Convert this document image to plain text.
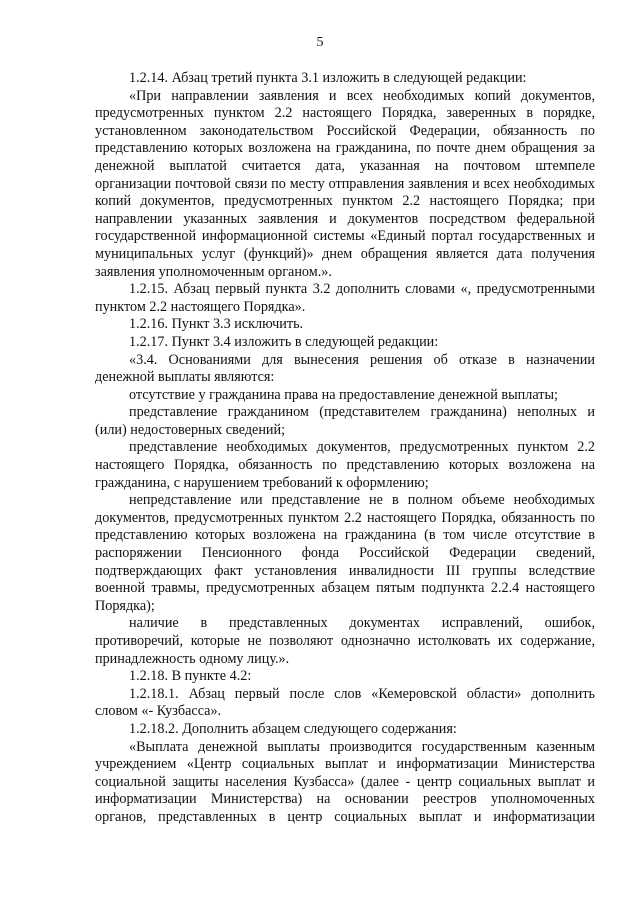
5

1.2.14. Абзац третий пункта 3.1 изложить в следующей редакции:

«При направлении заявления и всех необходимых копий документов, предусмотренных пунктом 2.2 настоящего Порядка, заверенных в порядке, установленном законодательством Российской Федерации, обязанность по представлению которых возложена на гражданина, по почте днем обращения за денежной выплатой считается дата, указанная на почтовом штемпеле организации почтовой связи по месту отправления заявления и всех необходимых копий документов, предусмотренных пунктом 2.2 настоящего Порядка; при направлении указанных заявления и документов посредством федеральной государственной информационной системы «Единый портал государственных и муниципальных услуг (функций)» днем обращения является дата получения заявления уполномоченным органом.».

1.2.15. Абзац первый пункта 3.2 дополнить словами «, предусмотренными пунктом 2.2 настоящего Порядка».

1.2.16. Пункт 3.3 исключить.

1.2.17. Пункт 3.4 изложить в следующей редакции:

«3.4. Основаниями для вынесения решения об отказе в назначении денежной выплаты являются:

отсутствие у гражданина права на предоставление денежной выплаты;

представление гражданином (представителем гражданина) неполных и (или) недостоверных сведений;

представление необходимых документов, предусмотренных пунктом 2.2 настоящего Порядка, обязанность по представлению которых возложена на гражданина, с нарушением требований к оформлению;

непредставление или представление не в полном объеме необходимых документов, предусмотренных пунктом 2.2 настоящего Порядка, обязанность по представлению которых возложена на гражданина (в том числе отсутствие в распоряжении Пенсионного фонда Российской Федерации сведений, подтверждающих факт установления инвалидности III группы вследствие военной травмы, предусмотренных абзацем пятым подпункта 2.2.4 настоящего Порядка);

наличие в представленных документах исправлений, ошибок, противоречий, которые не позволяют однозначно истолковать их содержание, принадлежность одному лицу.».

1.2.18. В пункте 4.2:

1.2.18.1. Абзац первый после слов «Кемеровской области» дополнить словом «- Кузбасса».

1.2.18.2. Дополнить абзацем следующего содержания:

«Выплата денежной выплаты производится государственным казенным учреждением «Центр социальных выплат и информатизации Министерства социальной защиты населения Кузбасса» (далее - центр социальных выплат и информатизации Министерства) на основании реестров уполномоченных органов, представленных в центр социальных выплат и информатизации
